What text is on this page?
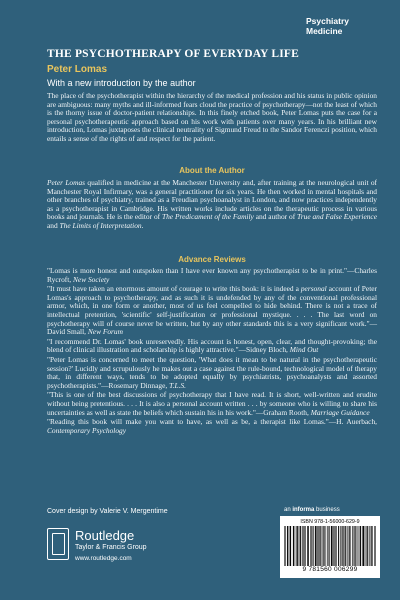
Psychiatry
Medicine
THE PSYCHOTHERAPY OF EVERYDAY LIFE
Peter Lomas
With a new introduction by the author
The place of the psychotherapist within the hierarchy of the medical profession and his status in public opinion are ambiguous: many myths and ill-informed fears cloud the practice of psychotherapy—not the least of which is the thorny issue of doctor-patient relationships. In this finely etched book, Peter Lomas puts the case for a personal psychotherapeutic approach based on his work with patients over many years. In his brilliant new introduction, Lomas juxtaposes the clinical neutrality of Sigmund Freud to the Sandor Ferenczi position, which entails a sense of the rights of and respect for the patient.
About the Author
Peter Lomas qualified in medicine at the Manchester University and, after training at the neurological unit of Manchester Royal Infirmary, was a general practitioner for six years. He then worked in mental hospitals and other branches of psychiatry, trained as a Freudian psychoanalyst in London, and now practices independently as a psychotherapist in Cambridge. His written works include articles on the therapeutic process in various books and journals. He is the editor of The Predicament of the Family and author of True and False Experience and The Limits of Interpretation.
Advance Reviews

"Lomas is more honest and outspoken than I have ever known any psychotherapist to be in print."—Charles Rycroft, New Society

"It must have taken an enormous amount of courage to write this book: it is indeed a personal account of Peter Lomas's approach to psychotherapy, and as such it is undefended by any of the conventional professional armor, which, in one form or another, most of us feel compelled to hide behind. There is not a trace of intellectual pretention, 'scientific' self-justification or professional mystique. . . . The last word on psychotherapy will of course never be written, but by any other standards this is a very significant work."—David Small, New Forum

"I recommend Dr. Lomas' book unreservedly. His account is honest, open, clear, and thought-provoking; the blend of clinical illustration and scholarship is highly attractive."—Sidney Bloch, Mind Out

"Peter Lomas is concerned to meet the question, 'What does it mean to be natural in the psychotherapeutic session?' Lucidly and scrupulously he makes out a case against the rule-bound, technological model of therapy that, in different ways, tends to be adopted equally by psychiatrists, psychoanalysts and assorted psychotherapists."—Rosemary Dinnage, T.L.S.

"This is one of the best discussions of psychotherapy that I have read. It is short, well-written and erudite without being pretentious. . . . It is also a personal account written . . . by someone who is willing to share his uncertainties as well as state the beliefs which sustain his in his work."—Graham Rooth, Marriage Guidance

"Reading this book will make you want to have, as well as be, a therapist like Lomas."—H. Auerbach, Contemporary Psychology

Cover design by Valerie V. Mergentime	an informa business
Routledge
Taylor & Francis Group
www.routledge.com
ISBN 978-1-56000-629-9
9 781560 006299
